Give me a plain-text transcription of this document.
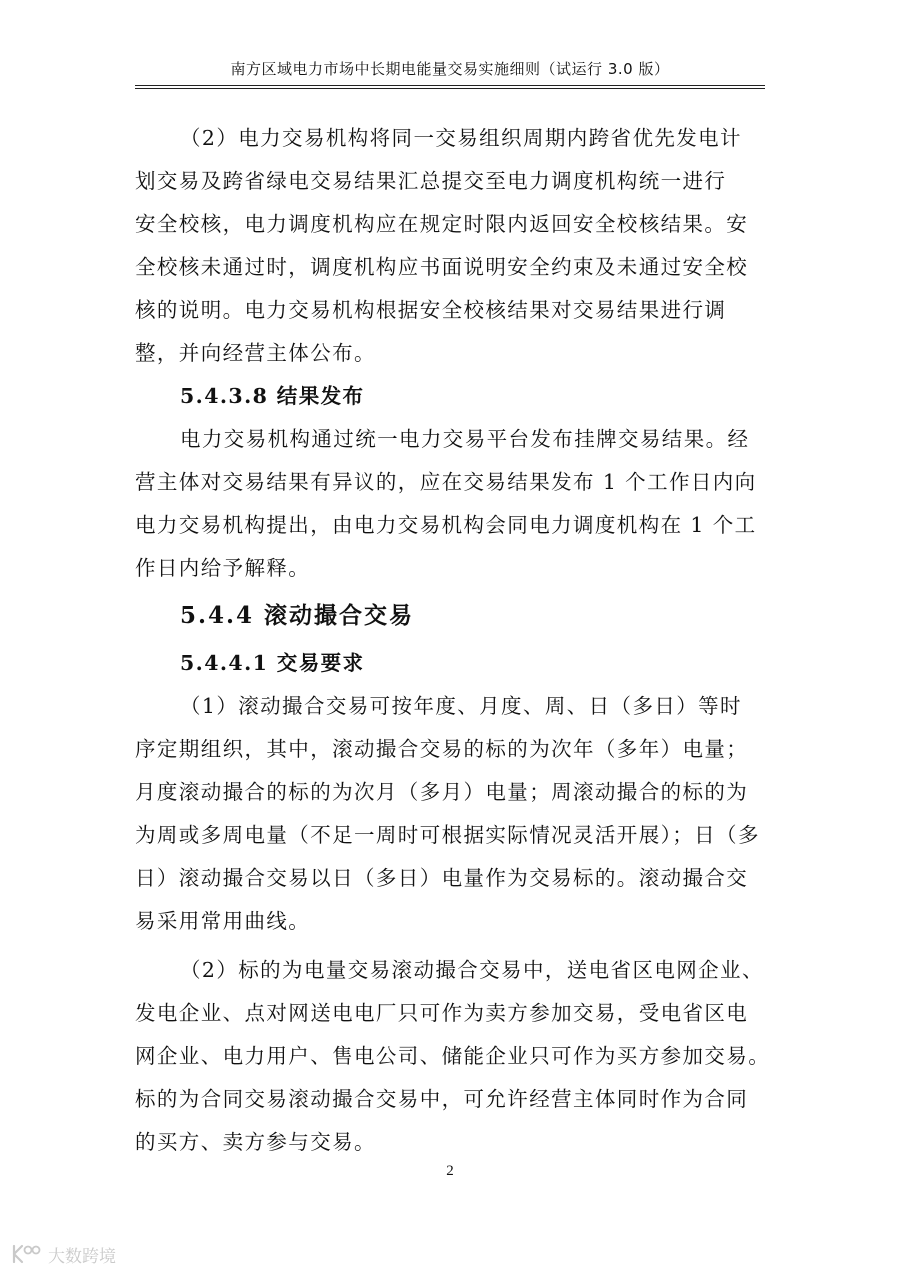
南方区域电力市场中长期电能量交易实施细则（试运行 3.0 版）

（2）电力交易机构将同一交易组织周期内跨省优先发电计
划交易及跨省绿电交易结果汇总提交至电力调度机构统一进行
安全校核，电力调度机构应在规定时限内返回安全校核结果。安
全校核未通过时，调度机构应书面说明安全约束及未通过安全校
核的说明。电力交易机构根据安全校核结果对交易结果进行调
整，并向经营主体公布。

5.4.3.8 结果发布

电力交易机构通过统一电力交易平台发布挂牌交易结果。经
营主体对交易结果有异议的，应在交易结果发布 1 个工作日内向
电力交易机构提出，由电力交易机构会同电力调度机构在 1 个工
作日内给予解释。

5.4.4 滚动撮合交易

5.4.4.1 交易要求

（1）滚动撮合交易可按年度、月度、周、日（多日）等时
序定期组织，其中，滚动撮合交易的标的为次年（多年）电量；
月度滚动撮合的标的为次月（多月）电量；周滚动撮合的标的为
为周或多周电量（不足一周时可根据实际情况灵活开展）；日（多
日）滚动撮合交易以日（多日）电量作为交易标的。滚动撮合交
易采用常用曲线。

（2）标的为电量交易滚动撮合交易中，送电省区电网企业、
发电企业、点对网送电电厂只可作为卖方参加交易，受电省区电
网企业、电力用户、售电公司、储能企业只可作为买方参加交易。
标的为合同交易滚动撮合交易中，可允许经营主体同时作为合同
的买方、卖方参与交易。

2
大数跨境
